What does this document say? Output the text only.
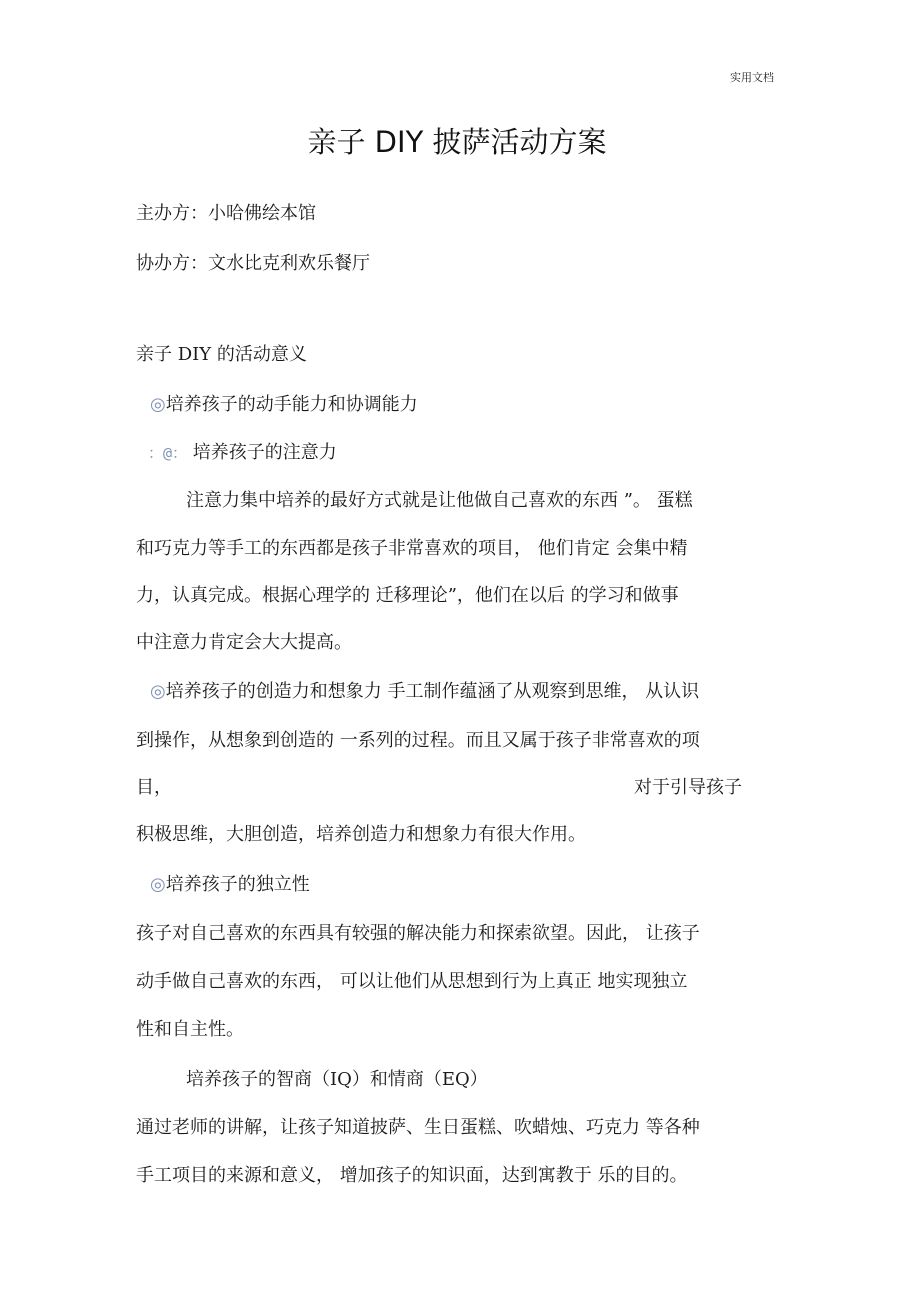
实用文档
亲子 DIY 披萨活动方案
主办方：小哈佛绘本馆
协办方：文水比克利欢乐餐厅
亲子 DIY 的活动意义
◎培养孩子的动手能力和协调能力
：@： 培养孩子的注意力
注意力集中培养的最好方式就是让他做自己喜欢的东西 ”。 蛋糕
和巧克力等手工的东西都是孩子非常喜欢的项目， 他们肯定 会集中精
力，认真完成。根据心理学的 迁移理论”，他们在以后 的学习和做事
中注意力肯定会大大提高。
◎培养孩子的创造力和想象力 手工制作蕴涵了从观察到思维， 从认识
到操作，从想象到创造的 一系列的过程。而且又属于孩子非常喜欢的项
目，	对于引导孩子
积极思维，大胆创造，培养创造力和想象力有很大作用。
◎培养孩子的独立性
孩子对自己喜欢的东西具有较强的解决能力和探索欲望。因此， 让孩子
动手做自己喜欢的东西， 可以让他们从思想到行为上真正 地实现独立
性和自主性。
培养孩子的智商（IQ）和情商（EQ）
通过老师的讲解，让孩子知道披萨、生日蛋糕、吹蜡烛、巧克力 等各种
手工项目的来源和意义， 增加孩子的知识面，达到寓教于 乐的目的。
